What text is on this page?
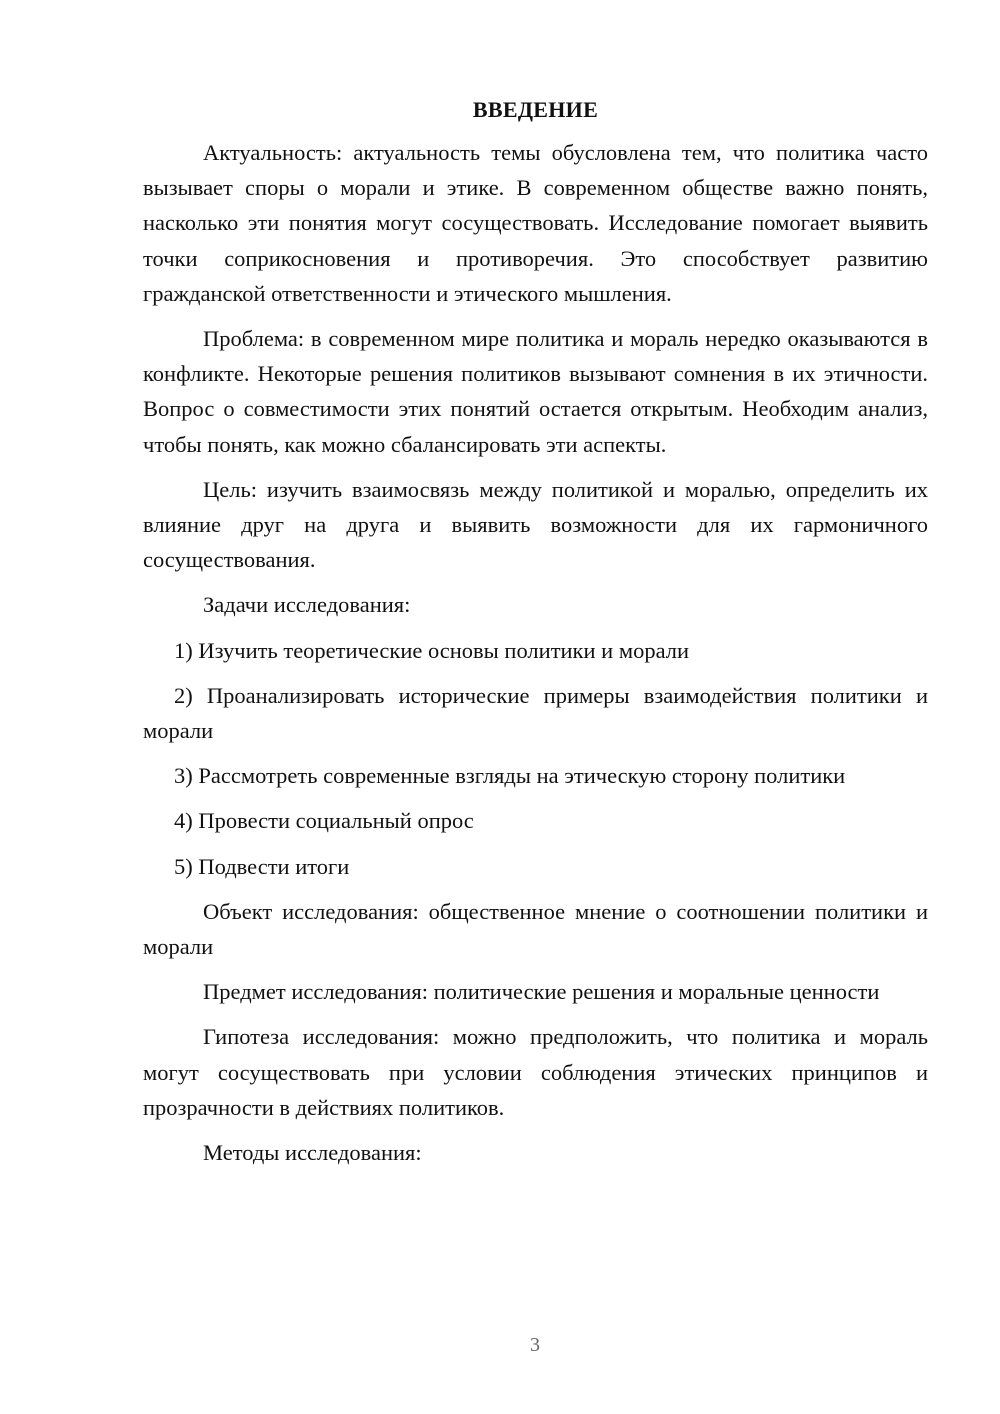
ВВЕДЕНИЕ

Актуальность: актуальность темы обусловлена тем, что политика часто вызывает споры о морали и этике. В современном обществе важно понять, насколько эти понятия могут сосуществовать. Исследование помогает выявить точки соприкосновения и противоречия. Это способствует развитию гражданской ответственности и этического мышления.

Проблема: в современном мире политика и мораль нередко оказываются в конфликте. Некоторые решения политиков вызывают сомнения в их этичности. Вопрос о совместимости этих понятий остается открытым. Необходим анализ, чтобы понять, как можно сбалансировать эти аспекты.

Цель: изучить взаимосвязь между политикой и моралью, определить их влияние друг на друга и выявить возможности для их гармоничного сосуществования.

Задачи исследования:

1) Изучить теоретические основы политики и морали

2) Проанализировать исторические примеры взаимодействия политики и морали

3) Рассмотреть современные взгляды на этическую сторону политики

4) Провести социальный опрос

5) Подвести итоги

Объект исследования: общественное мнение о соотношении политики и морали

Предмет исследования: политические решения и моральные ценности

Гипотеза исследования: можно предположить, что политика и мораль могут сосуществовать при условии соблюдения этических принципов и прозрачности в действиях политиков.

Методы исследования:

3
